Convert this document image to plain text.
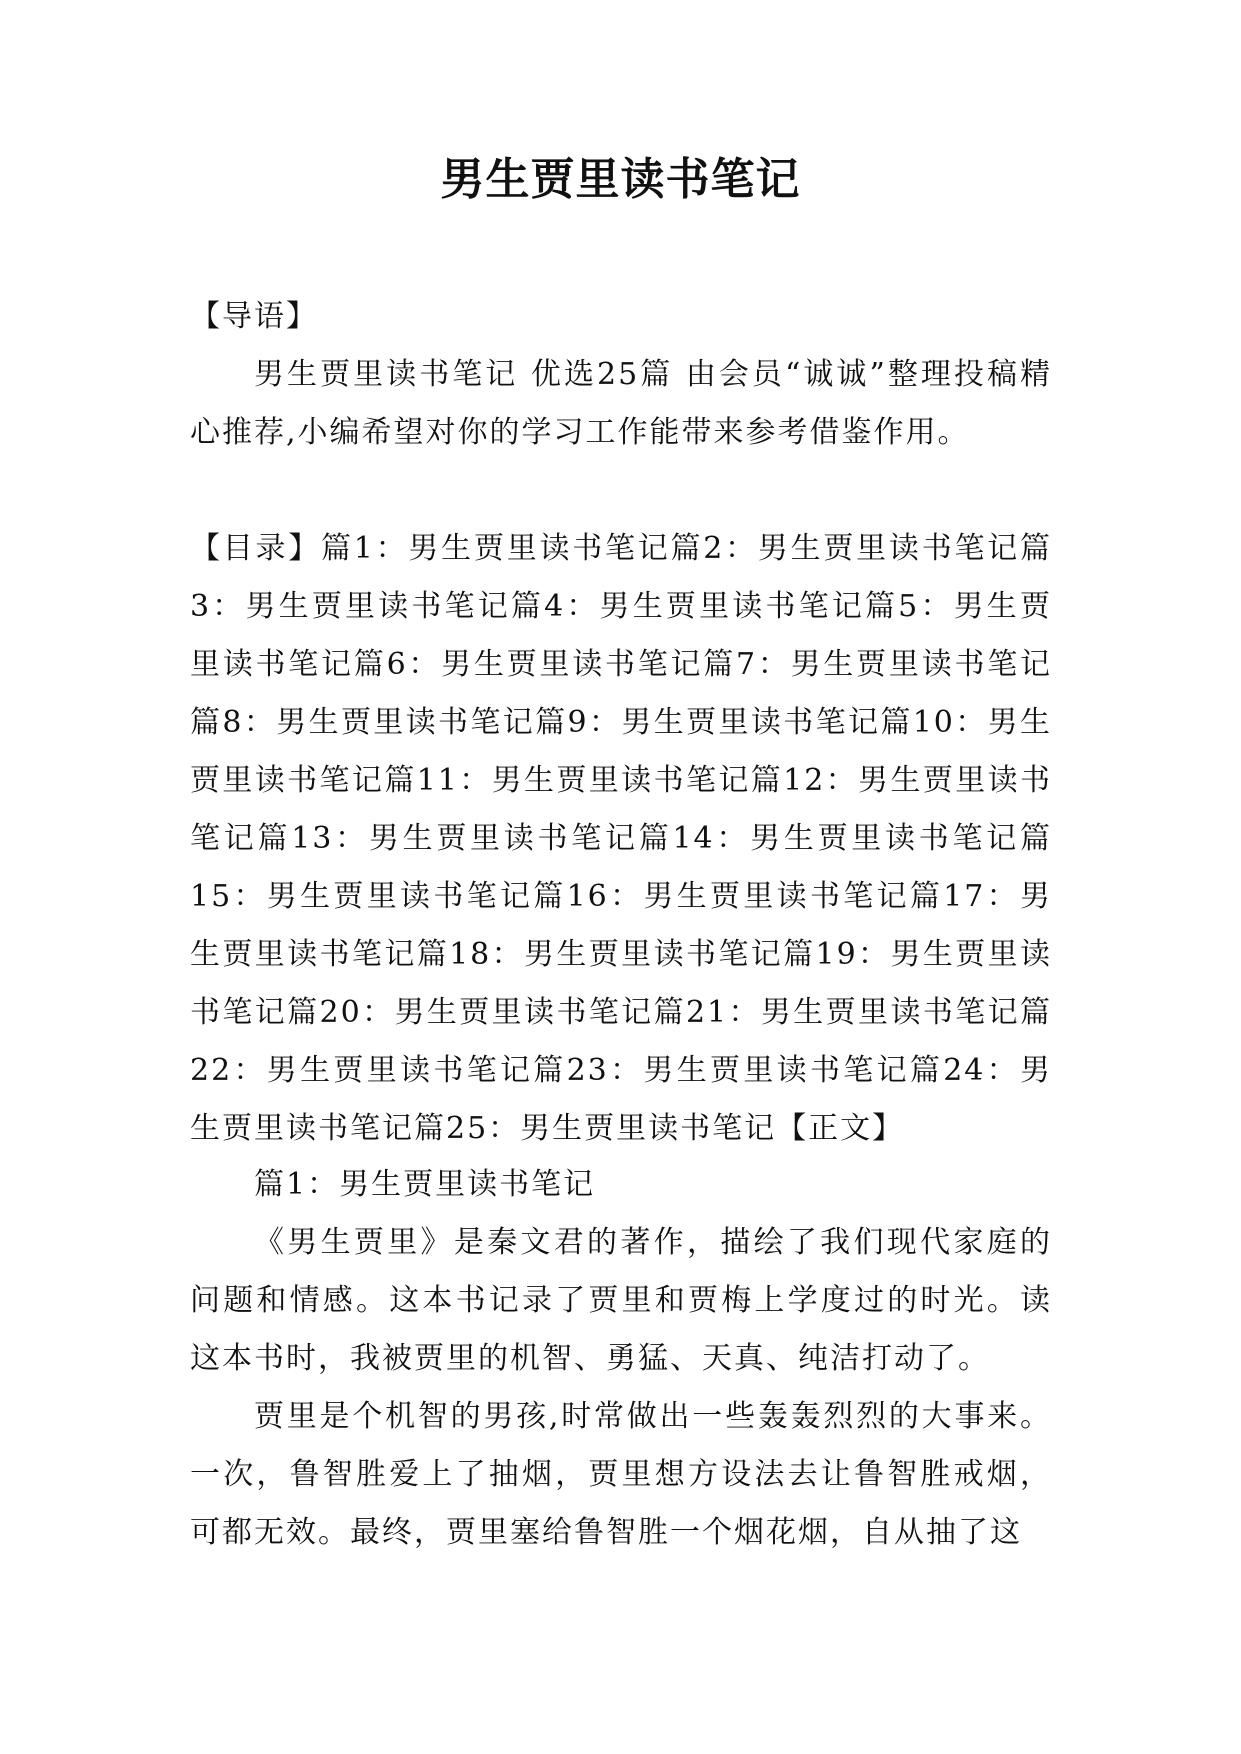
男生贾里读书笔记

【导语】

男生贾里读书笔记 优选25篇 由会员“诚诚”整理投稿精心推荐,小编希望对你的学习工作能带来参考借鉴作用。

【目录】篇1：男生贾里读书笔记篇2：男生贾里读书笔记篇3：男生贾里读书笔记篇4：男生贾里读书笔记篇5：男生贾里读书笔记篇6：男生贾里读书笔记篇7：男生贾里读书笔记篇8：男生贾里读书笔记篇9：男生贾里读书笔记篇10：男生贾里读书笔记篇11：男生贾里读书笔记篇12：男生贾里读书笔记篇13：男生贾里读书笔记篇14：男生贾里读书笔记篇15：男生贾里读书笔记篇16：男生贾里读书笔记篇17：男生贾里读书笔记篇18：男生贾里读书笔记篇19：男生贾里读书笔记篇20：男生贾里读书笔记篇21：男生贾里读书笔记篇22：男生贾里读书笔记篇23：男生贾里读书笔记篇24：男生贾里读书笔记篇25：男生贾里读书笔记【正文】

篇1：男生贾里读书笔记

《男生贾里》是秦文君的著作，描绘了我们现代家庭的问题和情感。这本书记录了贾里和贾梅上学度过的时光。读这本书时，我被贾里的机智、勇猛、天真、纯洁打动了。

贾里是个机智的男孩,时常做出一些轰轰烈烈的大事来。一次，鲁智胜爱上了抽烟，贾里想方设法去让鲁智胜戒烟，可都无效。最终，贾里塞给鲁智胜一个烟花烟，自从抽了这
